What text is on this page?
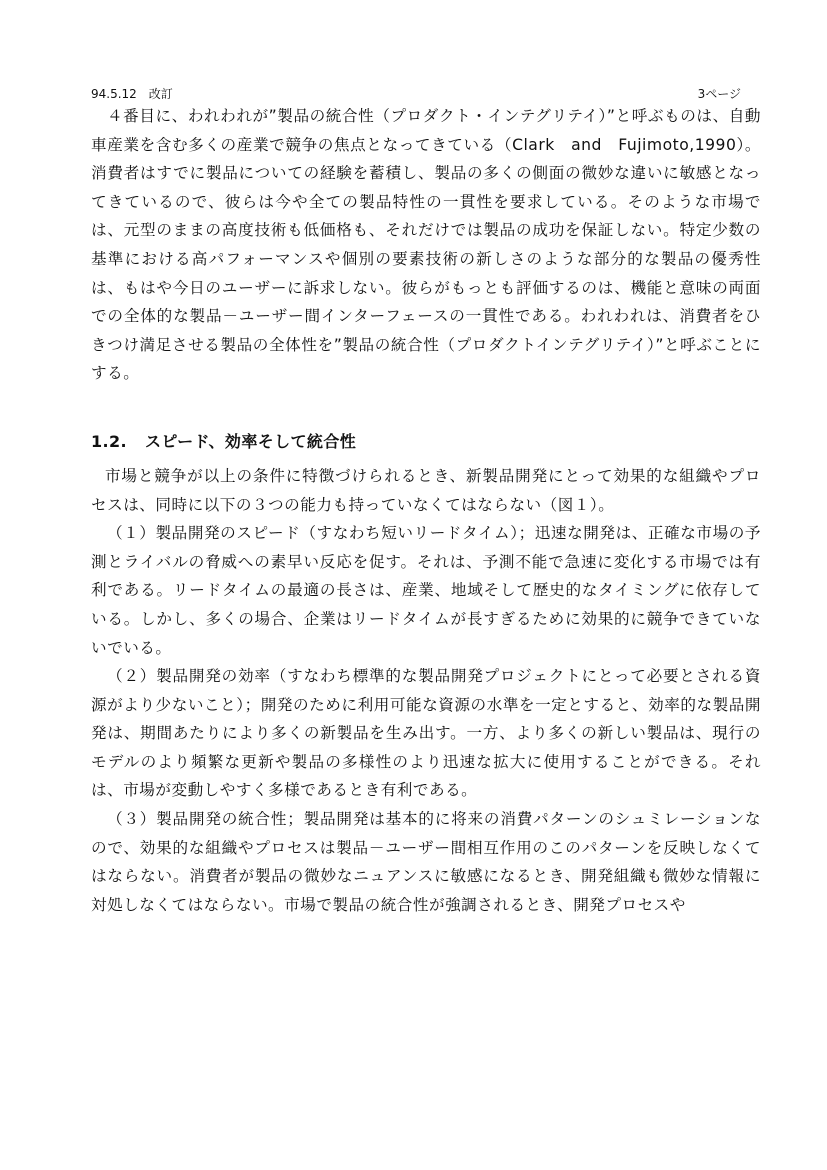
94.5.12　改訂	3ページ

４番目に、われわれが”製品の統合性（プロダクト・インテグリテイ）”と呼ぶものは、自動車産業を含む多くの産業で競争の焦点となってきている（Clark　and　Fujimoto,1990）。消費者はすでに製品についての経験を蓄積し、製品の多くの側面の微妙な違いに敏感となってきているので、彼らは今や全ての製品特性の一貫性を要求している。そのような市場では、元型のままの高度技術も低価格も、それだけでは製品の成功を保証しない。特定少数の基準における高パフォーマンスや個別の要素技術の新しさのような部分的な製品の優秀性は、もはや今日のユーザーに訴求しない。彼らがもっとも評価するのは、機能と意味の両面での全体的な製品－ユーザー間インターフェースの一貫性である。われわれは、消費者をひきつけ満足させる製品の全体性を”製品の統合性（プロダクトインテグリテイ）”と呼ぶことにする。

1.2. スピード、効率そして統合性

市場と競争が以上の条件に特徴づけられるとき、新製品開発にとって効果的な組織やプロセスは、同時に以下の３つの能力も持っていなくてはならない（図１）。

（１）製品開発のスピード（すなわち短いリードタイム）；迅速な開発は、正確な市場の予測とライバルの脅威への素早い反応を促す。それは、予測不能で急速に変化する市場では有利である。リードタイムの最適の長さは、産業、地域そして歴史的なタイミングに依存している。しかし、多くの場合、企業はリードタイムが長すぎるために効果的に競争できていないでいる。

（２）製品開発の効率（すなわち標準的な製品開発プロジェクトにとって必要とされる資源がより少ないこと）；開発のために利用可能な資源の水準を一定とすると、効率的な製品開発は、期間あたりにより多くの新製品を生み出す。一方、より多くの新しい製品は、現行のモデルのより頻繁な更新や製品の多様性のより迅速な拡大に使用することができる。それは、市場が変動しやすく多様であるとき有利である。

（３）製品開発の統合性；製品開発は基本的に将来の消費パターンのシュミレーションなので、効果的な組織やプロセスは製品－ユーザー間相互作用のこのパターンを反映しなくてはならない。消費者が製品の微妙なニュアンスに敏感になるとき、開発組織も微妙な情報に対処しなくてはならない。市場で製品の統合性が強調されるとき、開発プロセスや
